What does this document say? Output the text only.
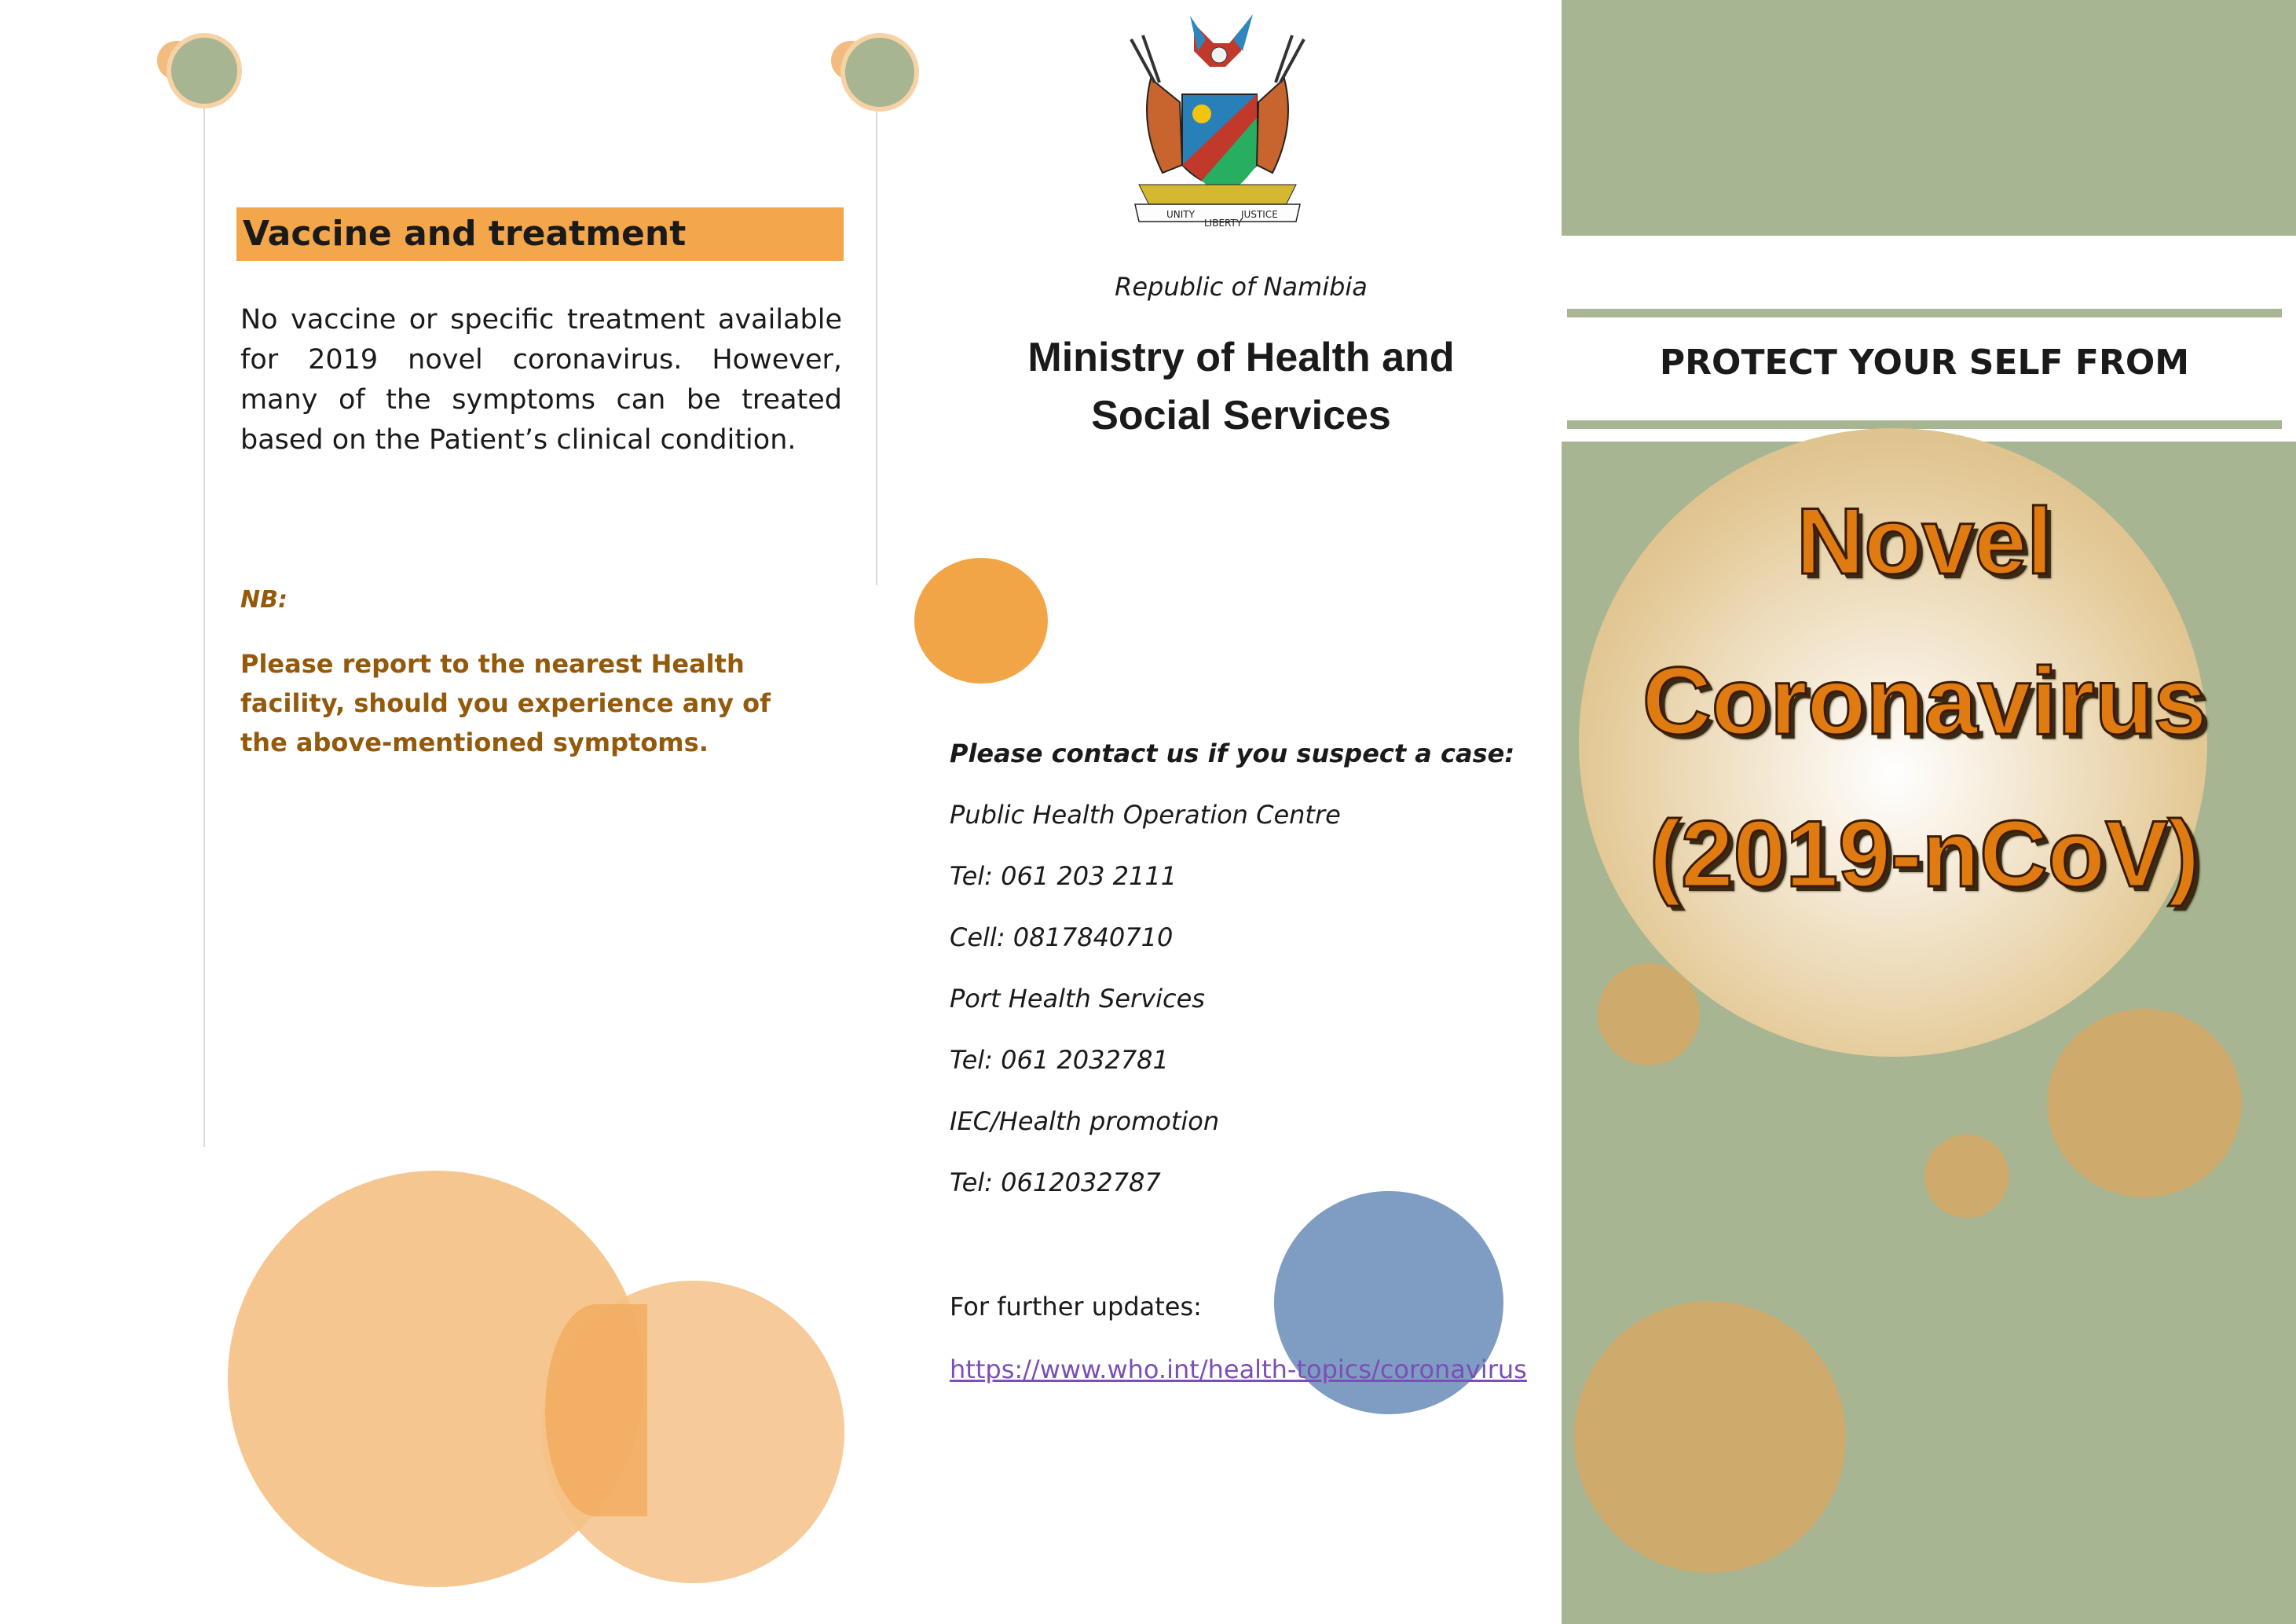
Vaccine and treatment
No vaccine or specific treatment available for 2019 novel coronavirus. However, many of the symptoms can be treated based on the Patient’s clinical condition.
NB:
Please report to the nearest Health facility, should you experience any of the above-mentioned symptoms.
UNITY
LIBERTY
JUSTICE
Republic of Namibia
Ministry of Health and
Social Services
Please contact us if you suspect a case:
Public Health Operation Centre
Tel: 061 203 2111
Cell: 0817840710
Port Health Services
Tel: 061 2032781
IEC/Health promotion
Tel: 0612032787
For further updates:
https://www.who.int/health-topics/coronavirus
PROTECT YOUR SELF FROM
Novel
Coronavirus
(2019-nCoV)
